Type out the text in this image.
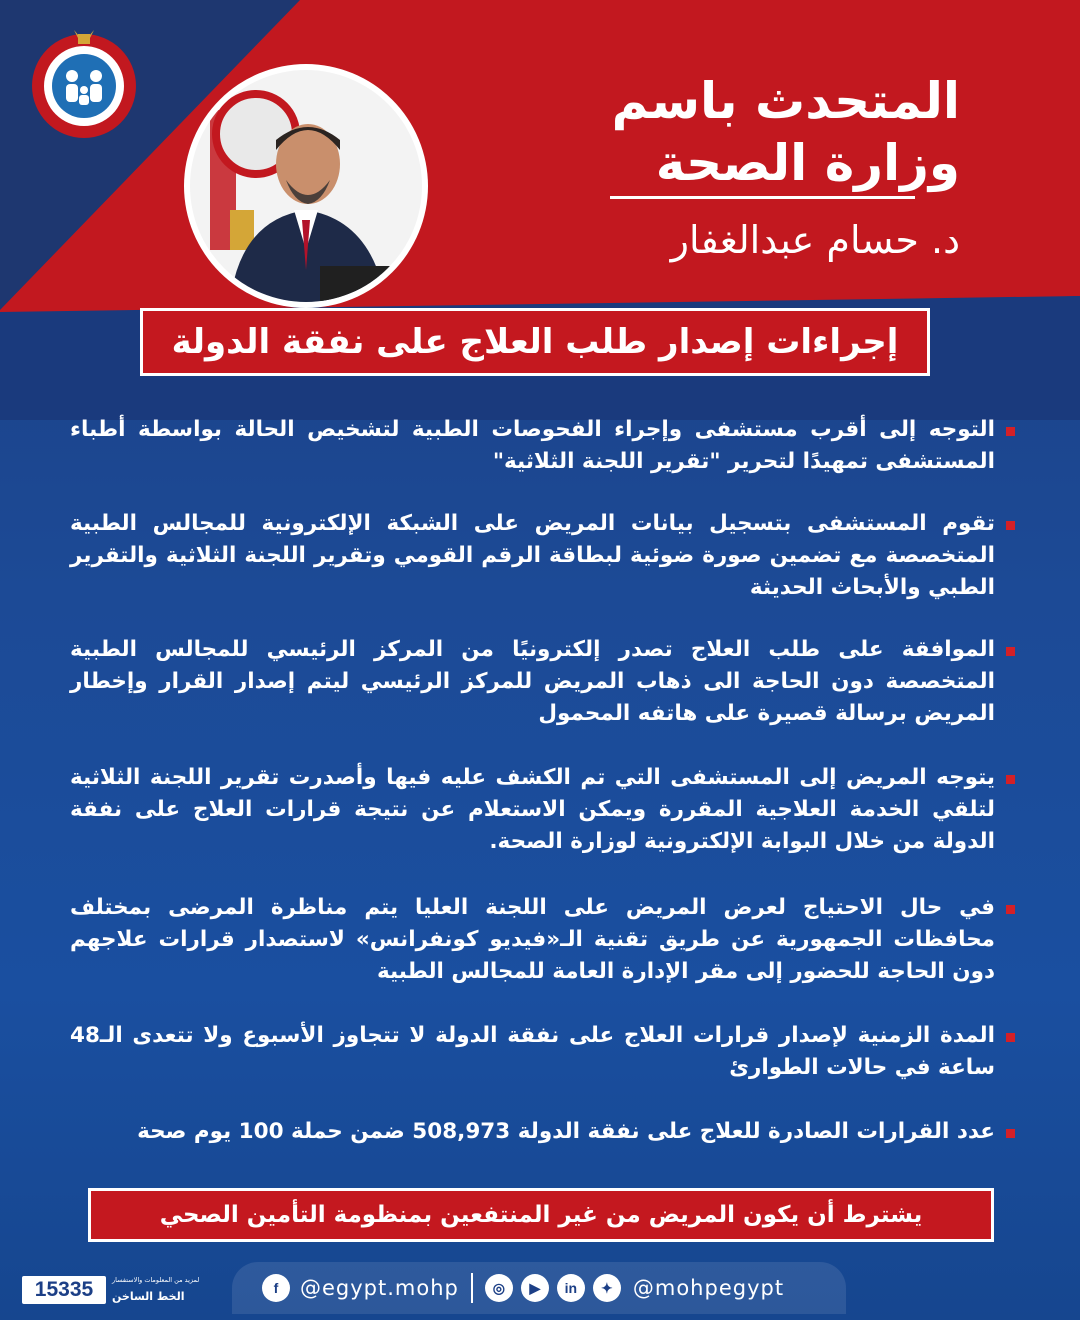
المتحدث باسم
وزارة الصحة
د. حسام عبدالغفار
إجراءات إصدار طلب العلاج على نفقة الدولة
التوجه إلى أقرب مستشفى وإجراء الفحوصات الطبية لتشخيص الحالة بواسطة أطباء المستشفى تمهيدًا لتحرير "تقرير اللجنة الثلاثية"
تقوم المستشفى بتسجيل بيانات المريض على الشبكة الإلكترونية للمجالس الطبية المتخصصة مع تضمين صورة ضوئية لبطاقة الرقم القومي وتقرير اللجنة الثلاثية والتقرير الطبي والأبحاث الحديثة
الموافقة على طلب العلاج تصدر إلكترونيًا من المركز الرئيسي للمجالس الطبية المتخصصة دون الحاجة الى ذهاب المريض للمركز الرئيسي ليتم إصدار القرار وإخطار المريض برسالة قصيرة على هاتفه المحمول
يتوجه المريض إلى المستشفى التي تم الكشف عليه فيها وأصدرت تقرير اللجنة الثلاثية لتلقي الخدمة العلاجية المقررة ويمكن الاستعلام عن نتيجة قرارات العلاج على نفقة الدولة من خلال البوابة الإلكترونية لوزارة الصحة.
في حال الاحتياج لعرض المريض على اللجنة العليا يتم مناظرة المرضى بمختلف محافظات الجمهورية عن طريق تقنية الـ«فيديو كونفرانس» لاستصدار قرارات علاجهم دون الحاجة للحضور إلى مقر الإدارة العامة للمجالس الطبية
المدة الزمنية لإصدار قرارات العلاج على نفقة الدولة لا تتجاوز الأسبوع ولا تتعدى الـ48 ساعة في حالات الطوارئ
عدد القرارات الصادرة للعلاج على نفقة الدولة 508,973 ضمن حملة 100 يوم صحة
يشترط أن يكون المريض من غير المنتفعين بمنظومة التأمين الصحي
15335	لمزيد من المعلومات والاستفسار
الخط الساخن
f	@egypt.mohp	◎	▶	in	✦ @mohpegypt
